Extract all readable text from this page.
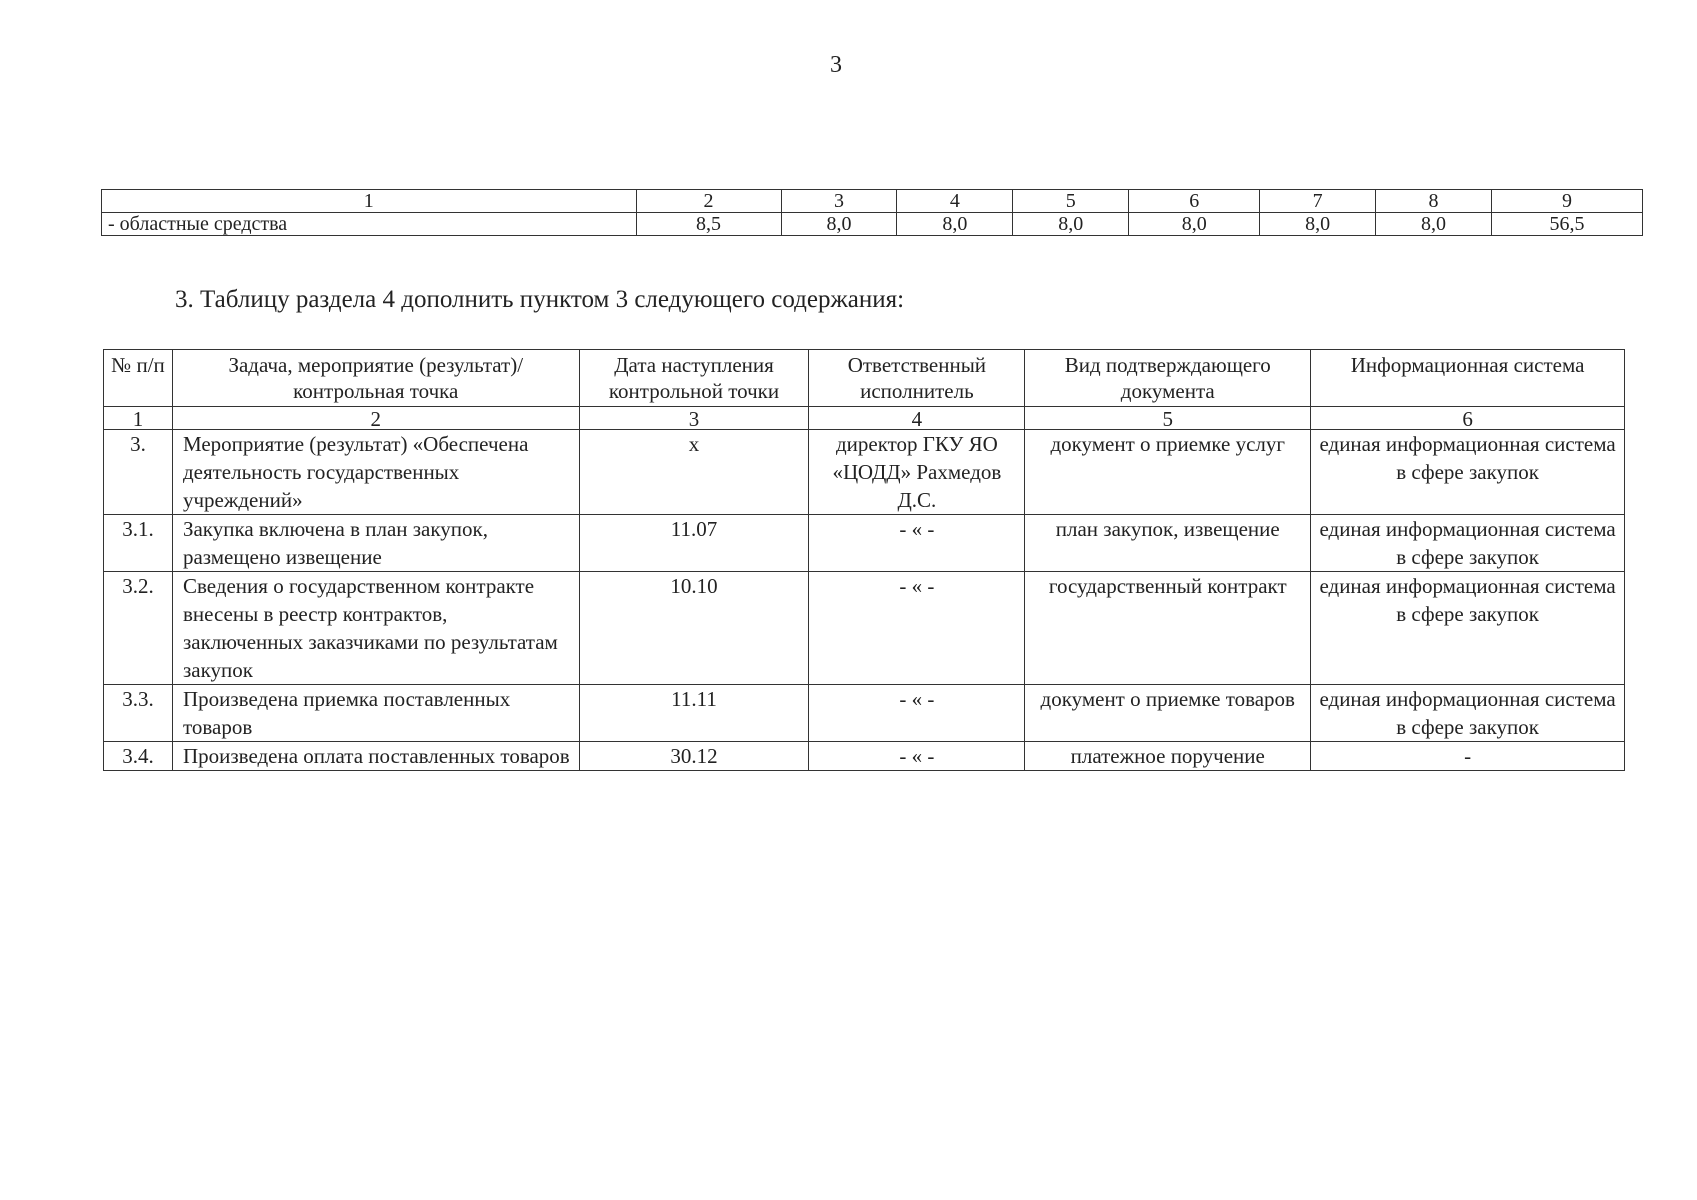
3
1	2	3	4	5	6	7	8	9
- областные средства	8,5	8,0	8,0	8,0	8,0	8,0	8,0	56,5
3. Таблицу раздела 4 дополнить пунктом 3 следующего содержания:
№ п/п	Задача, мероприятие (результат)/ контрольная точка	Дата наступления контрольной точки	Ответственный исполнитель	Вид подтверждающего документа	Информационная система
1	2	3	4	5	6
3.	Мероприятие (результат) «Обеспечена деятельность государственных учреждений»	х	директор ГКУ ЯО «ЦОДД» Рахмедов Д.С.	документ о приемке услуг	единая информационная система в сфере закупок
3.1.	Закупка включена в план закупок, размещено извещение	11.07	- « -	план закупок, извещение	единая информационная система в сфере закупок
3.2.	Сведения о государственном контракте внесены в реестр контрактов, заключенных заказчиками по результатам закупок	10.10	- « -	государственный контракт	единая информационная система в сфере закупок
3.3.	Произведена приемка поставленных товаров	11.11	- « -	документ о приемке товаров	единая информационная система в сфере закупок
3.4.	Произведена оплата поставленных товаров	30.12	- « -	платежное поручение	-
